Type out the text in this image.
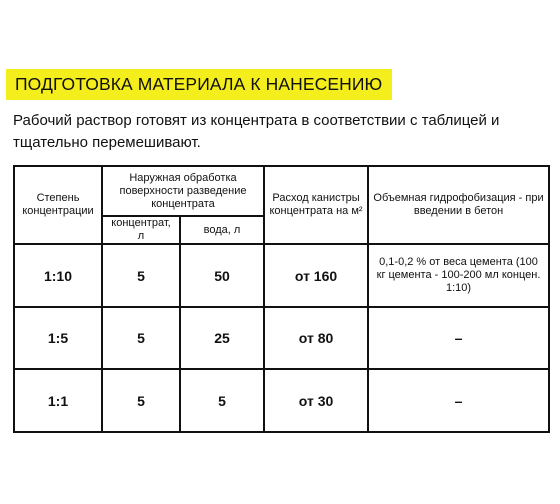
ПОДГОТОВКА МАТЕРИАЛА К НАНЕСЕНИЮ
Рабочий раствор готовят из концентрата в соответствии с таблицей и тщательно перемешивают.
Степень концентрации	Наружная обработка поверхности разведение концентрата		Расход канистры концентрата на м²	Объемная гидрофобизация - при введении в бетон
	концентрат, л	вода, л		
1:10	5	50	от 160	0,1-0,2 % от веса цемента (100 кг цемента - 100-200 мл концен. 1:10)
1:5	5	25	от 80	–
1:1	5	5	от 30	–
